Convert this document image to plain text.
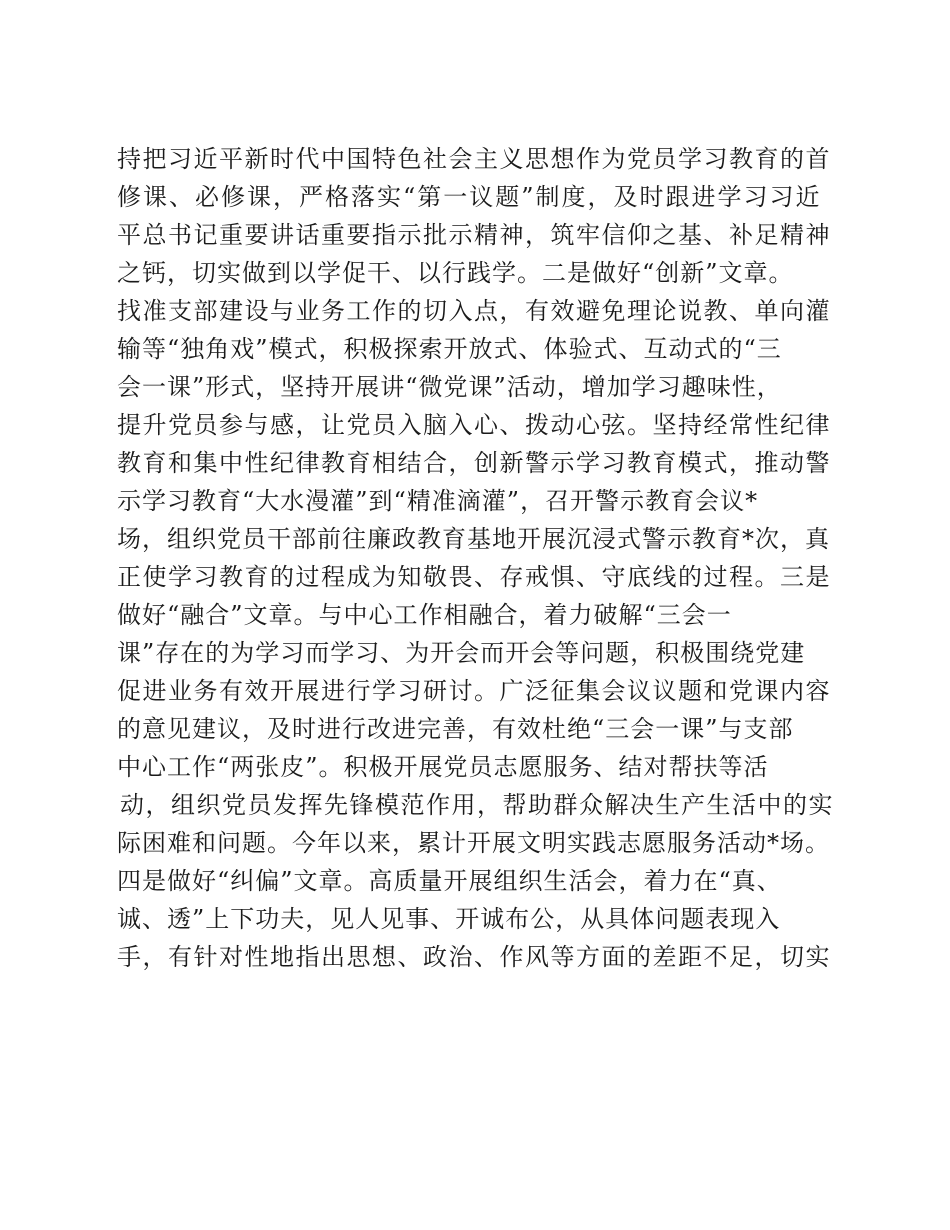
持把习近平新时代中国特色社会主义思想作为党员学习教育的首
修课、必修课，严格落实“第一议题”制度，及时跟进学习习近
平总书记重要讲话重要指示批示精神，筑牢信仰之基、补足精神
之钙，切实做到以学促干、以行践学。二是做好“创新”文章。
找准支部建设与业务工作的切入点，有效避免理论说教、单向灌
输等“独角戏”模式，积极探索开放式、体验式、互动式的“三
会一课”形式，坚持开展讲“微党课”活动，增加学习趣味性，
提升党员参与感，让党员入脑入心、拨动心弦。坚持经常性纪律
教育和集中性纪律教育相结合，创新警示学习教育模式，推动警
示学习教育“大水漫灌”到“精准滴灌”，召开警示教育会议*
场，组织党员干部前往廉政教育基地开展沉浸式警示教育*次，真
正使学习教育的过程成为知敬畏、存戒惧、守底线的过程。三是
做好“融合”文章。与中心工作相融合，着力破解“三会一
课”存在的为学习而学习、为开会而开会等问题，积极围绕党建
促进业务有效开展进行学习研讨。广泛征集会议议题和党课内容
的意见建议，及时进行改进完善，有效杜绝“三会一课”与支部
中心工作“两张皮”。积极开展党员志愿服务、结对帮扶等活
动，组织党员发挥先锋模范作用，帮助群众解决生产生活中的实
际困难和问题。今年以来，累计开展文明实践志愿服务活动*场。
四是做好“纠偏”文章。高质量开展组织生活会，着力在“真、
诚、透”上下功夫，见人见事、开诚布公，从具体问题表现入
手，有针对性地指出思想、政治、作风等方面的差距不足，切实
